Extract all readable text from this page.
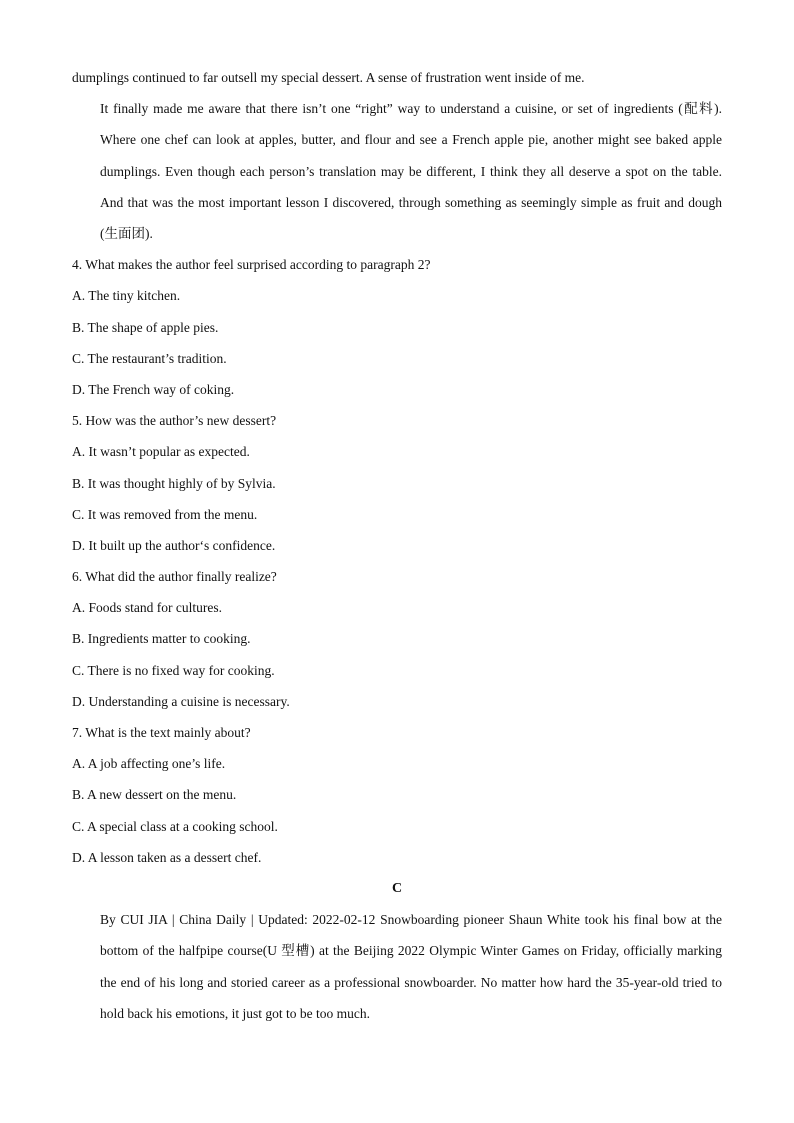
dumplings continued to far outsell my special dessert. A sense of frustration went inside of me.

It finally made me aware that there isn’t one “right” way to understand a cuisine, or set of ingredients (配料). Where one chef can look at apples, butter, and flour and see a French apple pie, another might see baked apple dumplings. Even though each person’s translation may be different, I think they all deserve a spot on the table. And that was the most important lesson I discovered, through something as seemingly simple as fruit and dough (生面团).

4. What makes the author feel surprised according to paragraph 2?
A. The tiny kitchen.
B. The shape of apple pies.
C. The restaurant’s tradition.
D. The French way of coking.
5. How was the author’s new dessert?
A. It wasn’t popular as expected.
B. It was thought highly of by Sylvia.
C. It was removed from the menu.
D. It built up the author‘s confidence.
6. What did the author finally realize?
A. Foods stand for cultures.
B. Ingredients matter to cooking.
C. There is no fixed way for cooking.
D. Understanding a cuisine is necessary.
7. What is the text mainly about?
A. A job affecting one’s life.
B. A new dessert on the menu.
C. A special class at a cooking school.
D. A lesson taken as a dessert chef.
C

By CUI JIA | China Daily | Updated: 2022-02-12 Snowboarding pioneer Shaun White took his final bow at the bottom of the halfpipe course(U 型槽) at the Beijing 2022 Olympic Winter Games on Friday, officially marking the end of his long and storied career as a professional snowboarder. No matter how hard the 35-year-old tried to hold back his emotions, it just got to be too much.
